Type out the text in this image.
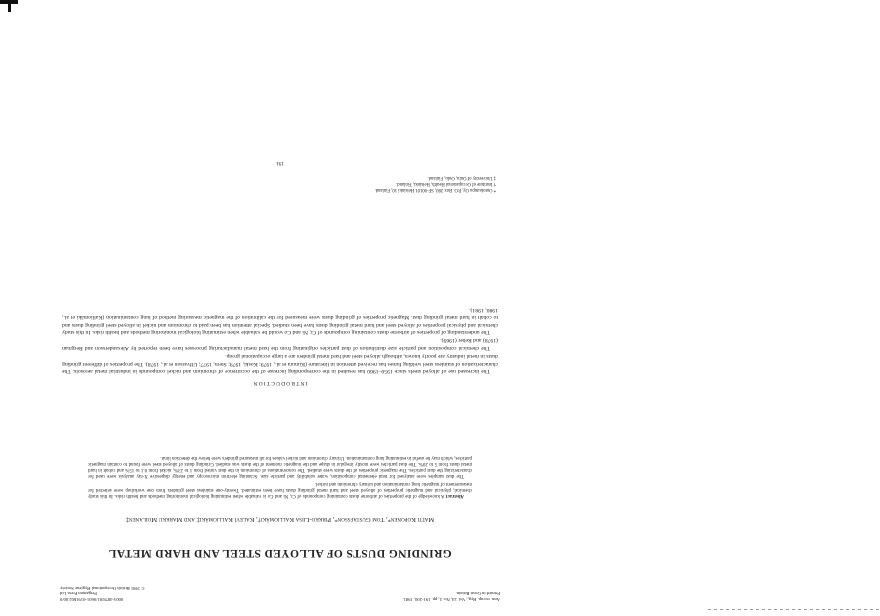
Ann. occup. Hyg., Vol. 24, No. 2, pp. 191-200, 1981.
Printed in Great Britain.
0003-4878/81/0601-0191$02.00/0
Pergamon Press Ltd
© 1981 British Occupational Hygiene Society
GRINDING DUSTS OF ALLOYED STEEL AND HARD METAL
Matti Koponen*, Tom Gustafsson*, Pirkko-Liisa Kalliomäki†, Kaleví Kalliomäki‡ and Markku Moilanen‡

Abstract A knowledge of the properties of airborne dusts containing compounds of Cr, Ni and Co is valuable when estimating biological monitoring methods and health risks. In this study chemical, physical and magnetic properties of alloyed steel and hard metal grinding dusts have been estimated. Twenty-one stainless steel grinders from one workshop were selected for measurement of magnetic lung contamination and urinary chromium and nickel.

The dust samples were analysed for total elemental composition, water solubility and particle size. Scanning electron microscopy and energy dispersive X-ray analysis were used for characterizing the dust particles. The magnetic properties of the dusts were studied. The concentrations of chromium in the dust varied from 1 to 23%, nickel from 0.1 to 15% and cobalt in hard metal dusts from 5 to 20%. The dust particles were mostly irregular in shape and the magnetic moment of the dusts was studied. Grinding dusts of alloyed steel were found to contain magnetic particles, which may be useful in estimating lung contamination. Urinary chromium and nickel values for all measured grinders were below the detection limit.

INTRODUCTION

The increased use of alloyed steels since 1950–1960 has resulted in the corresponding increase of the occurrence of chromium and nickel compounds in industrial metal aerosols. The characterization of stainless steel welding fumes has received attention in literature (Kimura et al., 1979; Koski, 1979; Stern, 1977; Ulfvarson et al., 1978). The properties of different grinding dusts in metal industry are poorly known, although alloyed steel and hard metal grinders are a large occupational group.

The chemical composition and particle size distribution of dust particles originating from the hard metal manufacturing processes have been reported by Alexandersson and Bergman (1978) and Reber (1969).

The understanding of properties of airborne dusts containing compounds of Cr, Ni and Co would be valuable when estimating biological monitoring methods and health risks. In this study chemical and physical properties of alloyed steel and hard metal grinding dusts have been studied. Special attention has been paid to chromium and nickel in alloyed steel grinding dusts and to cobalt in hard metal grinding dust. Magnetic properties of grinding dusts were measured for the calibration of the magnetic measuring method of lung contamination (Kalliomäki et al., 1980, 1981).

* Outokumpu Oy, P.O. Box 280, SF-00101 Helsinki 10, Finland.
† Institute of Occupational Health, Helsinki, Finland.
‡ University of Oulu, Oulu, Finland.
191
